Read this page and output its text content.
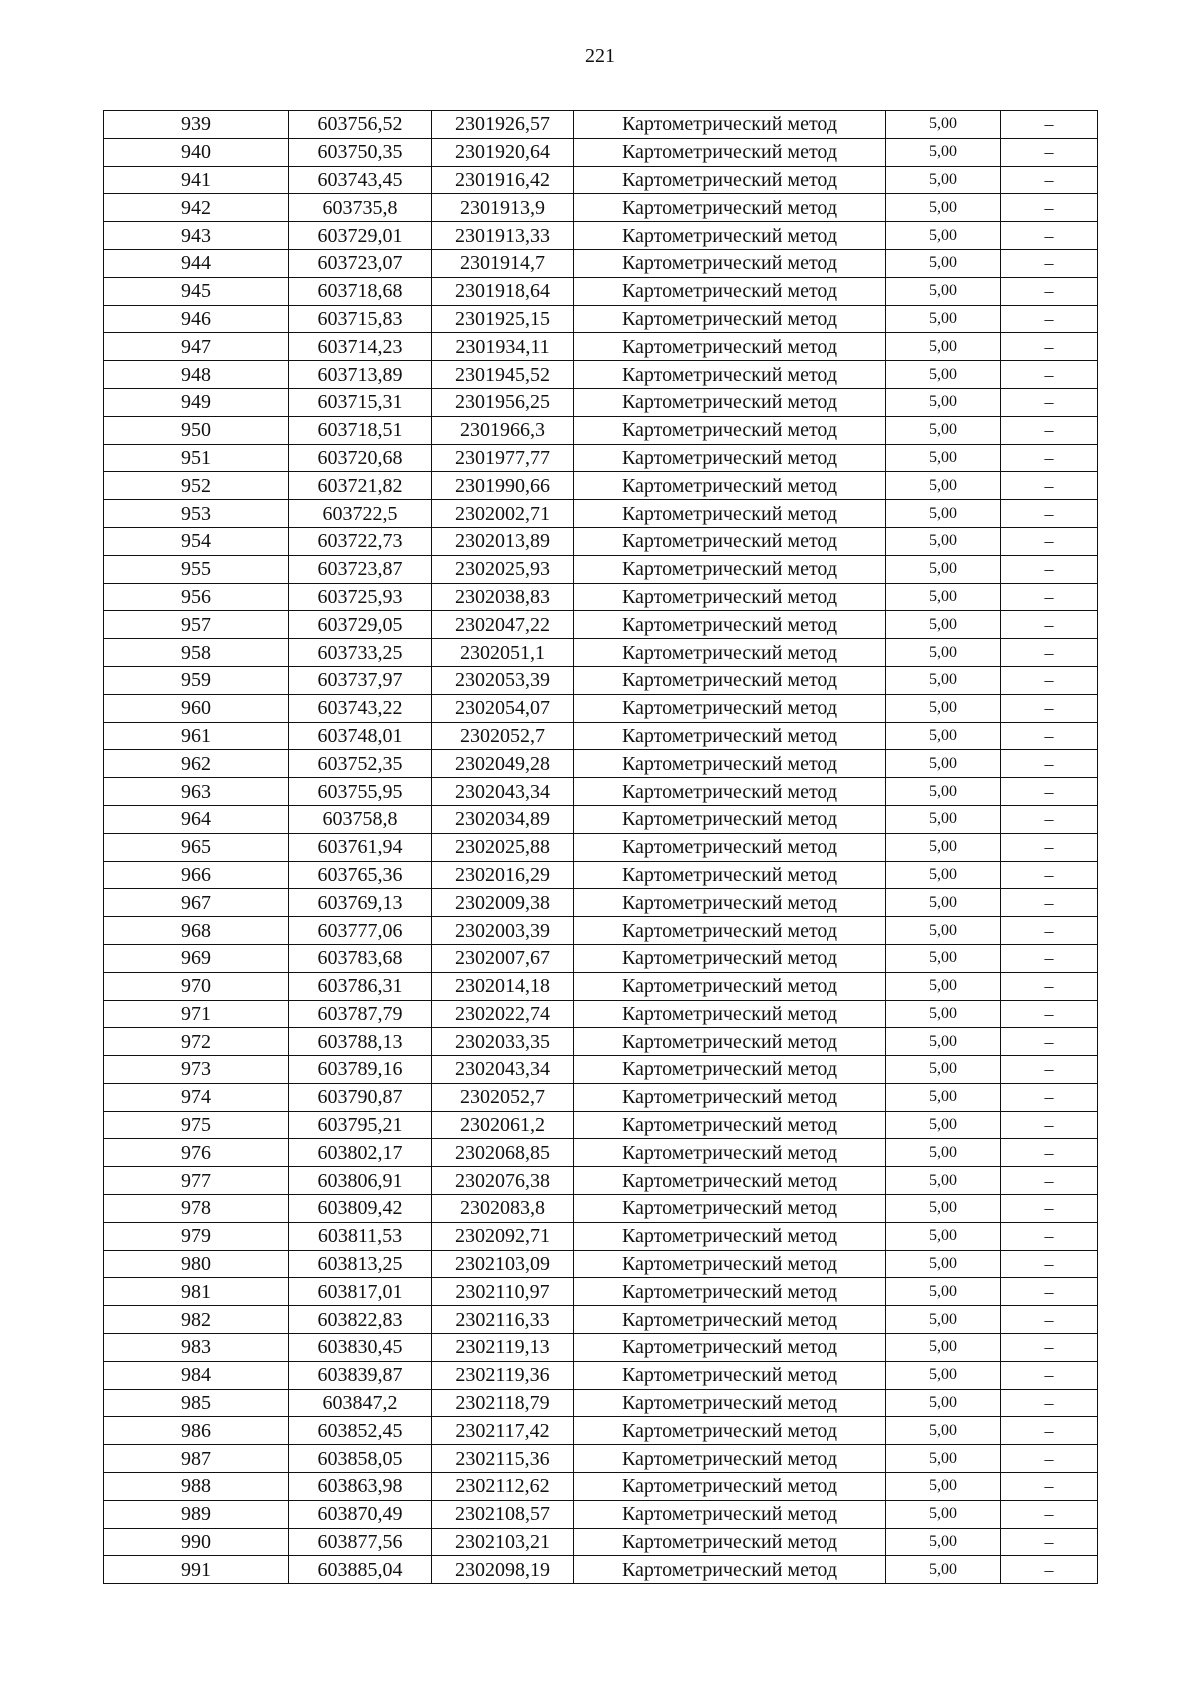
221
939	603756,52	2301926,57	Картометрический метод	5,00	–
940	603750,35	2301920,64	Картометрический метод	5,00	–
941	603743,45	2301916,42	Картометрический метод	5,00	–
942	603735,8	2301913,9	Картометрический метод	5,00	–
943	603729,01	2301913,33	Картометрический метод	5,00	–
944	603723,07	2301914,7	Картометрический метод	5,00	–
945	603718,68	2301918,64	Картометрический метод	5,00	–
946	603715,83	2301925,15	Картометрический метод	5,00	–
947	603714,23	2301934,11	Картометрический метод	5,00	–
948	603713,89	2301945,52	Картометрический метод	5,00	–
949	603715,31	2301956,25	Картометрический метод	5,00	–
950	603718,51	2301966,3	Картометрический метод	5,00	–
951	603720,68	2301977,77	Картометрический метод	5,00	–
952	603721,82	2301990,66	Картометрический метод	5,00	–
953	603722,5	2302002,71	Картометрический метод	5,00	–
954	603722,73	2302013,89	Картометрический метод	5,00	–
955	603723,87	2302025,93	Картометрический метод	5,00	–
956	603725,93	2302038,83	Картометрический метод	5,00	–
957	603729,05	2302047,22	Картометрический метод	5,00	–
958	603733,25	2302051,1	Картометрический метод	5,00	–
959	603737,97	2302053,39	Картометрический метод	5,00	–
960	603743,22	2302054,07	Картометрический метод	5,00	–
961	603748,01	2302052,7	Картометрический метод	5,00	–
962	603752,35	2302049,28	Картометрический метод	5,00	–
963	603755,95	2302043,34	Картометрический метод	5,00	–
964	603758,8	2302034,89	Картометрический метод	5,00	–
965	603761,94	2302025,88	Картометрический метод	5,00	–
966	603765,36	2302016,29	Картометрический метод	5,00	–
967	603769,13	2302009,38	Картометрический метод	5,00	–
968	603777,06	2302003,39	Картометрический метод	5,00	–
969	603783,68	2302007,67	Картометрический метод	5,00	–
970	603786,31	2302014,18	Картометрический метод	5,00	–
971	603787,79	2302022,74	Картометрический метод	5,00	–
972	603788,13	2302033,35	Картометрический метод	5,00	–
973	603789,16	2302043,34	Картометрический метод	5,00	–
974	603790,87	2302052,7	Картометрический метод	5,00	–
975	603795,21	2302061,2	Картометрический метод	5,00	–
976	603802,17	2302068,85	Картометрический метод	5,00	–
977	603806,91	2302076,38	Картометрический метод	5,00	–
978	603809,42	2302083,8	Картометрический метод	5,00	–
979	603811,53	2302092,71	Картометрический метод	5,00	–
980	603813,25	2302103,09	Картометрический метод	5,00	–
981	603817,01	2302110,97	Картометрический метод	5,00	–
982	603822,83	2302116,33	Картометрический метод	5,00	–
983	603830,45	2302119,13	Картометрический метод	5,00	–
984	603839,87	2302119,36	Картометрический метод	5,00	–
985	603847,2	2302118,79	Картометрический метод	5,00	–
986	603852,45	2302117,42	Картометрический метод	5,00	–
987	603858,05	2302115,36	Картометрический метод	5,00	–
988	603863,98	2302112,62	Картометрический метод	5,00	–
989	603870,49	2302108,57	Картометрический метод	5,00	–
990	603877,56	2302103,21	Картометрический метод	5,00	–
991	603885,04	2302098,19	Картометрический метод	5,00	–
